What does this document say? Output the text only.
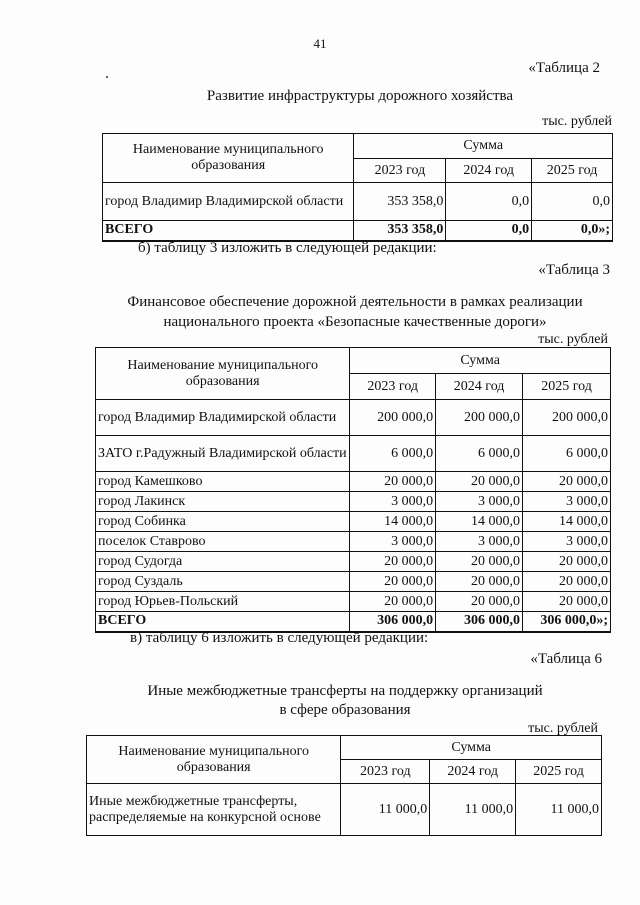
41
«Таблица 2
Развитие инфраструктуры дорожного хозяйства
тыс. рублей
Наименование муниципального образования	Сумма		
	2023 год	2024 год	2025 год
город Владимир Владимирской области	353 358,0	0,0	0,0
ВСЕГО	353 358,0	0,0	0,0»;
б) таблицу 3 изложить в следующей редакции:
«Таблица 3
Финансовое обеспечение дорожной деятельности в рамках реализации
национального проекта «Безопасные качественные дороги»
тыс. рублей
Наименование муниципального образования	Сумма		
	2023 год	2024 год	2025 год
город Владимир Владимирской области	200 000,0	200 000,0	200 000,0
ЗАТО г.Радужный Владимирской области	6 000,0	6 000,0	6 000,0
город Камешково	20 000,0	20 000,0	20 000,0
город Лакинск	3 000,0	3 000,0	3 000,0
город Собинка	14 000,0	14 000,0	14 000,0
поселок Ставрово	3 000,0	3 000,0	3 000,0
город Судогда	20 000,0	20 000,0	20 000,0
город Суздаль	20 000,0	20 000,0	20 000,0
город Юрьев-Польский	20 000,0	20 000,0	20 000,0
ВСЕГО	306 000,0	306 000,0	306 000,0»;
в) таблицу 6 изложить в следующей редакции:
«Таблица 6
Иные межбюджетные трансферты на поддержку организаций
в сфере образования
тыс. рублей
Наименование муниципального образования	Сумма		
	2023 год	2024 год	2025 год
Иные межбюджетные трансферты, распределяемые на конкурсной основе	11 000,0	11 000,0	11 000,0
